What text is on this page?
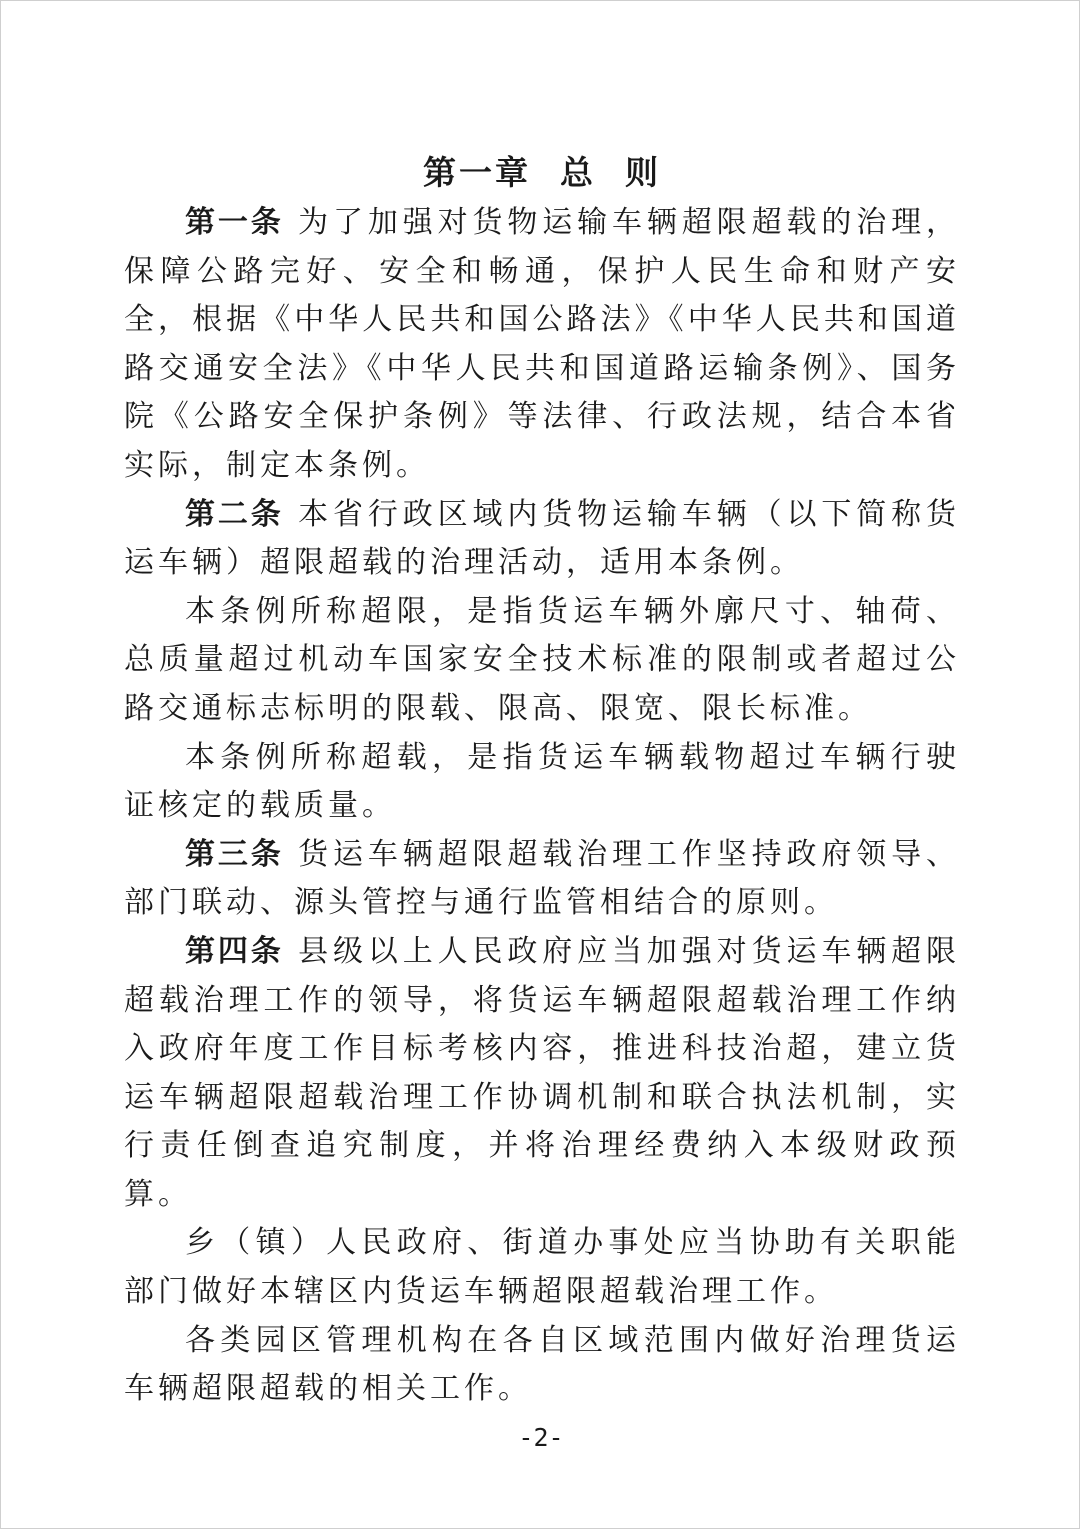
第一章  总  则

第一条 为了加强对货物运输车辆超限超载的治理，保障公路完好、安全和畅通，保护人民生命和财产安全，根据《中华人民共和国公路法》《中华人民共和国道路交通安全法》《中华人民共和国道路运输条例》、国务院《公路安全保护条例》等法律、行政法规，结合本省实际，制定本条例。

第二条 本省行政区域内货物运输车辆（以下简称货运车辆）超限超载的治理活动，适用本条例。

本条例所称超限，是指货运车辆外廓尺寸、轴荷、总质量超过机动车国家安全技术标准的限制或者超过公路交通标志标明的限载、限高、限宽、限长标准。

本条例所称超载，是指货运车辆载物超过车辆行驶证核定的载质量。

第三条 货运车辆超限超载治理工作坚持政府领导、部门联动、源头管控与通行监管相结合的原则。

第四条 县级以上人民政府应当加强对货运车辆超限超载治理工作的领导，将货运车辆超限超载治理工作纳入政府年度工作目标考核内容，推进科技治超，建立货运车辆超限超载治理工作协调机制和联合执法机制，实行责任倒查追究制度，并将治理经费纳入本级财政预算。

乡（镇）人民政府、街道办事处应当协助有关职能部门做好本辖区内货运车辆超限超载治理工作。

各类园区管理机构在各自区域范围内做好治理货运车辆超限超载的相关工作。

-2-
